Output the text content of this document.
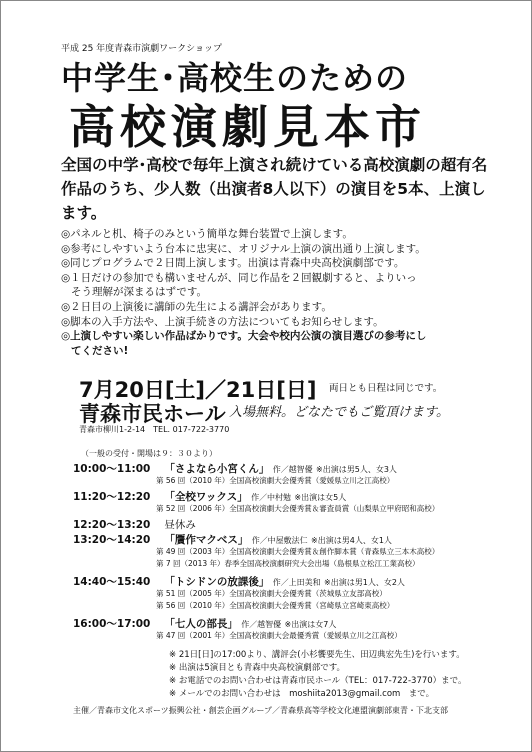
平成 25 年度青森市演劇ワークショップ
中学生･高校生のための
高校演劇見本市
全国の中学･高校で毎年上演され続けている高校演劇の超有名作品のうち、少人数（出演者8人以下）の演目を5本、上演します。
◎パネルと机、椅子のみという簡単な舞台装置で上演します。
◎参考にしやすいよう台本に忠実に、オリジナル上演の演出通り上演します。
◎同じプログラムで２日間上演します。出演は青森中央高校演劇部です。
◎１日だけの参加でも構いませんが、同じ作品を２回観劇すると、よりいっ
そう理解が深まるはずです。
◎２日目の上演後に講師の先生による講評会があります。
◎脚本の入手方法や、上演手続きの方法についてもお知らせします。
◎上演しやすい楽しい作品ばかりです。大会や校内公演の演目選びの参考にし
てください!
7月20日[土]／21日[日] 両日とも日程は同じです。
青森市民ホール 入場無料。どなたでもご覧頂けます。
青森市柳川1-2-14　TEL. 017-722-3770
（一般の受付・開場は９：３０より）
10:00～11:00 「さよなら小宮くん」 作／越智優 ※出演は男5人、女3人
第 56 回（2010 年）全国高校演劇大会優秀賞（愛媛県立川之江高校）
11:20～12:20 「全校ワックス」 作／中村勉 ※出演は女5人
第 52 回（2006 年）全国高校演劇大会優秀賞＆審査員賞（山梨県立甲府昭和高校）
12:20～13:20 昼休み
13:20～14:20 「贋作マクベス」 作／中屋敷法仁 ※出演は男4人、女1人
第 49 回（2003 年）全国高校演劇大会優秀賞＆創作脚本賞（青森県立三本木高校）
第 7 回（2013 年）春季全国高校演劇研究大会出場（島根県立松江工業高校）
14:40～15:40 「トシドンの放課後」 作／上田美和 ※出演は男1人、女2人
第 51 回（2005 年）全国高校演劇大会優秀賞（茨城県立友部高校）
第 56 回（2010 年）全国高校演劇大会優秀賞（宮崎県立宮崎東高校）
16:00～17:00 「七人の部長」 作／越智優 ※出演は女7人
第 47 回（2001 年）全国高校演劇大会最優秀賞（愛媛県立川之江高校）
※ 21日[日]の17:00より、講評会(小杉饗要先生、田辺典宏先生)を行います。
※ 出演は5演目とも青森中央高校演劇部です。
※ お電話でのお問い合わせは青森市民ホール（TEL：017-722-3770）まで。
※ メールでのお問い合わせは　moshiita2013@gmail.com　まで。
主催／青森市文化スポーツ振興公社・創芸企画グループ／青森県高等学校文化連盟演劇部東青・下北支部
